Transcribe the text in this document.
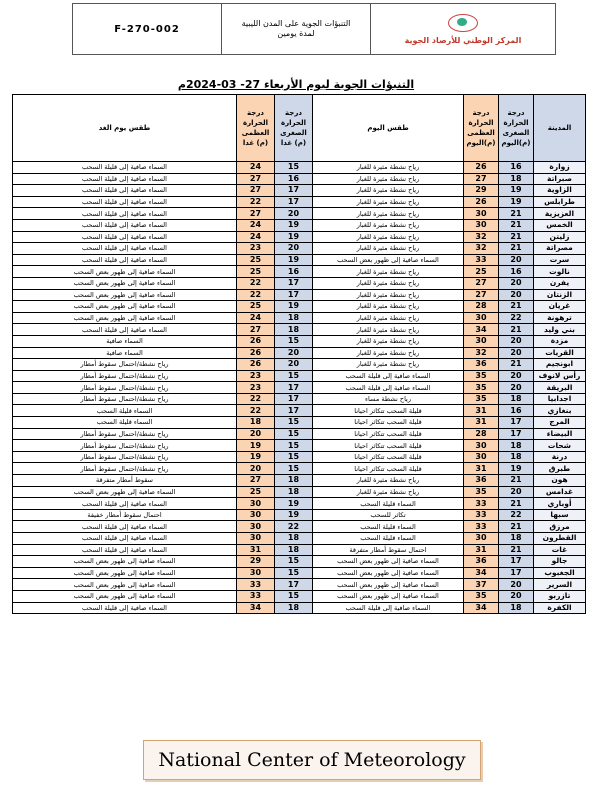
F-270-002	التنبؤات الجوية على المدن الليبية
لمدة يومين
المركز الوطني للأرصاد الجوية
التنبؤات الجوية ليوم الأربعاء 27- 03-2024م
المدينة	درجة الحرارة الصغرى (م)اليوم	درجة الحرارة العظمى (م)اليوم	طقس اليوم	درجة الحرارة الصغرى (م) غدا	درجة الحرارة العظمى (م) غدا	طقس يوم الغد
زوارة	16	26	رياح نشطة مثيرة للغبار	15	24	السماء صافية إلى قليلة السحب
صبراتة	18	27	رياح نشطة مثيرة للغبار	16	27	السماء صافية إلى قليلة السحب
الزاوية	19	29	رياح نشطة مثيرة للغبار	17	27	السماء صافية إلى قليلة السحب
طرابلس	19	26	رياح نشطة مثيرة للغبار	17	22	السماء صافية إلى قليلة السحب
العزيزية	21	30	رياح نشطة مثيرة للغبار	20	27	السماء صافية إلى قليلة السحب
الخمس	21	30	رياح نشطة مثيرة للغبار	19	24	السماء صافية إلى قليلة السحب
زليتن	21	32	رياح نشطة مثيرة للغبار	19	24	السماء صافية إلى قليلة السحب
مصراتة	21	32	رياح نشطة مثيرة للغبار	20	23	السماء صافية إلى قليلة السحب
سرت	20	33	السماء صافية إلى ظهور بعض السحب	19	25	السماء صافية إلى قليلة السحب
نالوت	16	25	رياح نشطة مثيرة للغبار	16	25	السماء صافية إلى ظهور بعض السحب
يفرن	20	27	رياح نشطة مثيرة للغبار	17	22	السماء صافية إلى ظهور بعض السحب
الزنتان	20	27	رياح نشطة مثيرة للغبار	17	22	السماء صافية إلى ظهور بعض السحب
غريان	21	28	رياح نشطة مثيرة للغبار	19	25	السماء صافية إلى ظهور بعض السحب
ترهونة	22	30	رياح نشطة مثيرة للغبار	18	24	السماء صافية إلى ظهور بعض السحب
بني وليد	21	34	رياح نشطة مثيرة للغبار	18	27	السماء صافية إلى قليلة السحب
مزدة	20	30	رياح نشطة مثيرة للغبار	15	26	السماء صافية
القريات	20	32	رياح نشطة مثيرة للغبار	20	26	السماء صافية
ابونجيم	21	36	رياح نشطة مثيرة للغبار	20	26	رياح نشطة/احتمال سقوط أمطار
رأس لانوف	20	35	السماء صافية إلى قليلة السحب	15	23	رياح نشطة/احتمال سقوط أمطار
البريقة	20	35	السماء صافية إلى قليلة السحب	17	23	رياح نشطة/احتمال سقوط أمطار
اجدابيا	18	35	رياح نشطة مساء	17	22	رياح نشطة/احتمال سقوط أمطار
بنغازي	16	31	قليلة السحب تتكاثر احيانا	17	22	السماء قليلة السحب
المرج	17	31	قليلة السحب تتكاثر احيانا	15	18	السماء قليلة السحب
البيضاء	17	28	قليلة السحب تتكاثر احيانا	15	20	رياح نشطة/احتمال سقوط أمطار
شحات	18	30	قليلة السحب تتكاثر احيانا	15	19	رياح نشطة/احتمال سقوط أمطار
درنة	18	30	قليلة السحب تتكاثر احيانا	15	19	رياح نشطة/احتمال سقوط أمطار
طبرق	19	31	قليلة السحب تتكاثر احيانا	15	20	رياح نشطة/احتمال سقوط أمطار
هون	21	36	رياح نشطة مثيرة للغبار	18	27	سقوط أمطار متفرقة
غدامس	20	35	رياح نشطة مثيرة للغبار	18	25	السماء صافية إلى ظهور بعض السحب
أوباري	21	33	السماء قليلة السحب	19	30	السماء صافية إلى قليلة السحب
سبها	22	33	تكاثر للسحب	19	30	احتمال سقوط أمطار خفيفة
مرزق	21	33	السماء قليلة السحب	22	30	السماء صافية إلى قليلة السحب
القطرون	18	30	السماء قليلة السحب	18	30	السماء صافية إلى قليلة السحب
غات	21	31	احتمال سقوط أمطار متفرقة	18	31	السماء صافية إلى قليلة السحب
جالو	17	36	السماء صافية إلى ظهور بعض السحب	15	29	السماء صافية إلى ظهور بعض السحب
الجغبوب	17	34	السماء صافية إلى ظهور بعض السحب	15	30	السماء صافية إلى ظهور بعض السحب
السرير	20	37	السماء صافية إلى ظهور بعض السحب	17	33	السماء صافية إلى ظهور بعض السحب
تازربو	20	35	السماء صافية إلى ظهور بعض السحب	15	33	السماء صافية إلى ظهور بعض السحب
الكفرة	18	34	السماء صافية إلى قليلة السحب	18	34	السماء صافية إلى قليلة السحب
National Center of Meteorology
